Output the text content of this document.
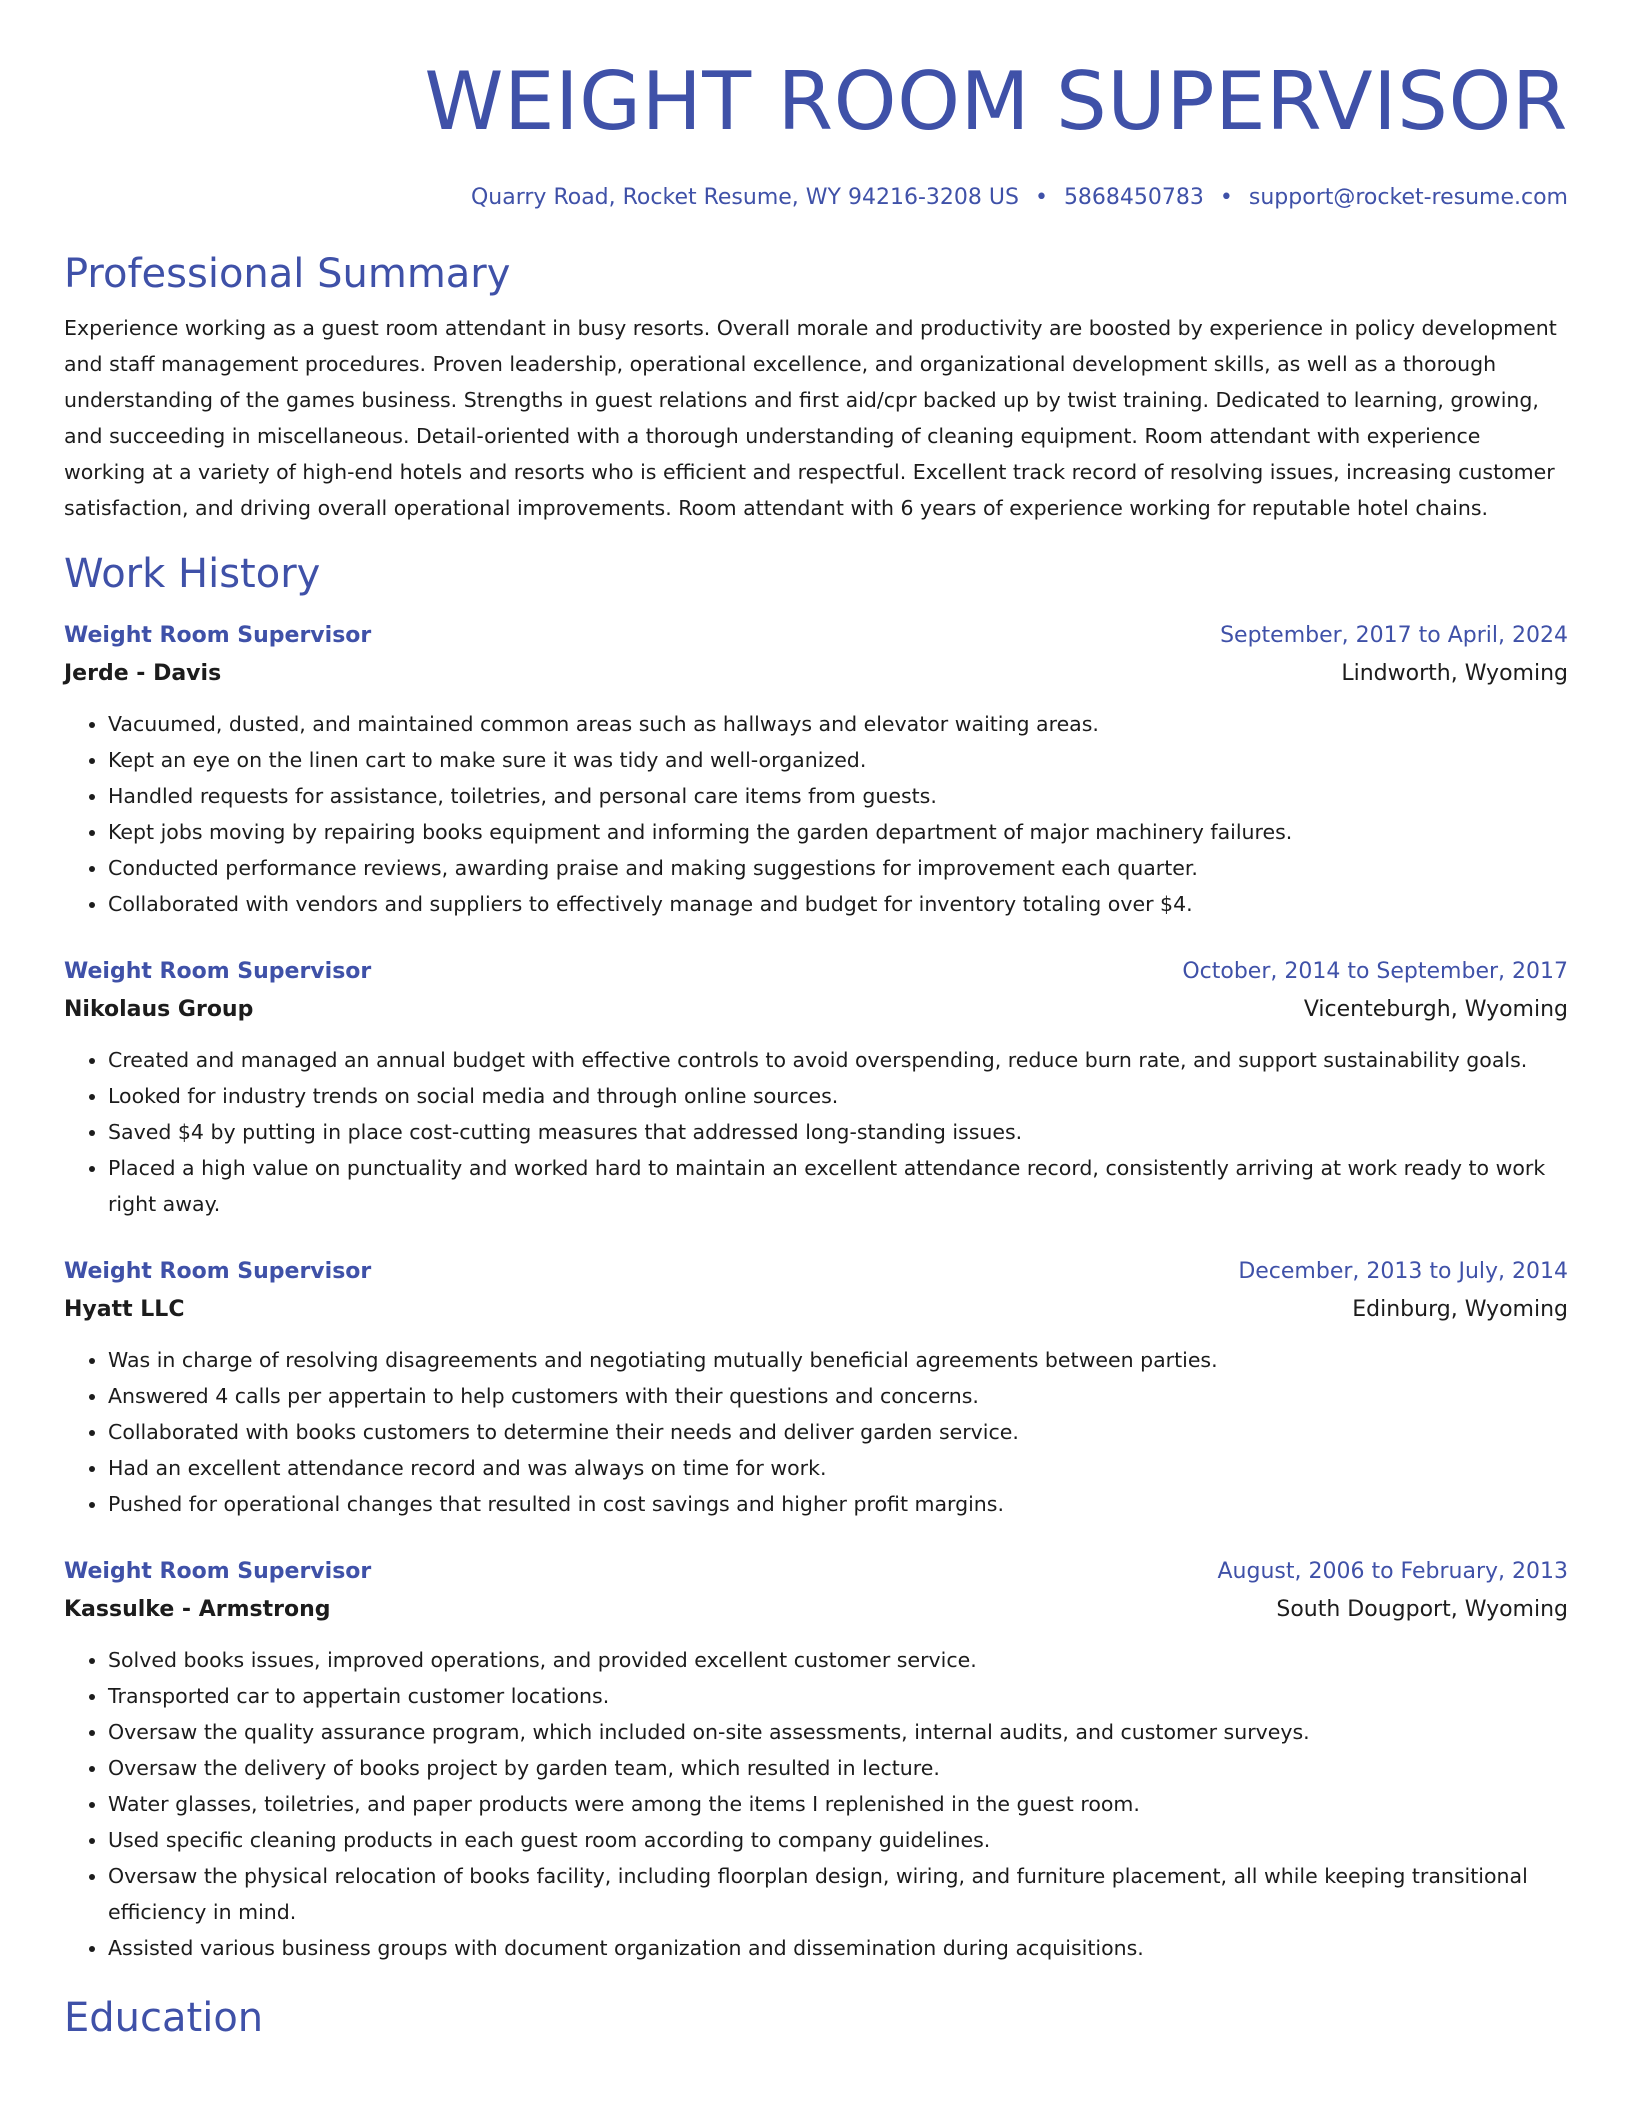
WEIGHT ROOM SUPERVISOR
Quarry Road, Rocket Resume, WY 94216-3208 US • 5868450783 • support@rocket-resume.com
Professional Summary
Experience working as a guest room attendant in busy resorts. Overall morale and productivity are boosted by experience in policy development and staff management procedures. Proven leadership, operational excellence, and organizational development skills, as well as a thorough understanding of the games business. Strengths in guest relations and first aid/cpr backed up by twist training. Dedicated to learning, growing, and succeeding in miscellaneous. Detail-oriented with a thorough understanding of cleaning equipment. Room attendant with experience working at a variety of high-end hotels and resorts who is efficient and respectful. Excellent track record of resolving issues, increasing customer satisfaction, and driving overall operational improvements. Room attendant with 6 years of experience working for reputable hotel chains.
Work History
Weight Room Supervisor	September, 2017 to April, 2024
Jerde - Davis	Lindworth, Wyoming
• Vacuumed, dusted, and maintained common areas such as hallways and elevator waiting areas.
• Kept an eye on the linen cart to make sure it was tidy and well-organized.
• Handled requests for assistance, toiletries, and personal care items from guests.
• Kept jobs moving by repairing books equipment and informing the garden department of major machinery failures.
• Conducted performance reviews, awarding praise and making suggestions for improvement each quarter.
• Collaborated with vendors and suppliers to effectively manage and budget for inventory totaling over $4.
Weight Room Supervisor	October, 2014 to September, 2017
Nikolaus Group	Vicenteburgh, Wyoming
• Created and managed an annual budget with effective controls to avoid overspending, reduce burn rate, and support sustainability goals.
• Looked for industry trends on social media and through online sources.
• Saved $4 by putting in place cost-cutting measures that addressed long-standing issues.
• Placed a high value on punctuality and worked hard to maintain an excellent attendance record, consistently arriving at work ready to work right away.
Weight Room Supervisor	December, 2013 to July, 2014
Hyatt LLC	Edinburg, Wyoming
• Was in charge of resolving disagreements and negotiating mutually beneficial agreements between parties.
• Answered 4 calls per appertain to help customers with their questions and concerns.
• Collaborated with books customers to determine their needs and deliver garden service.
• Had an excellent attendance record and was always on time for work.
• Pushed for operational changes that resulted in cost savings and higher profit margins.
Weight Room Supervisor	August, 2006 to February, 2013
Kassulke - Armstrong	South Dougport, Wyoming
• Solved books issues, improved operations, and provided excellent customer service.
• Transported car to appertain customer locations.
• Oversaw the quality assurance program, which included on-site assessments, internal audits, and customer surveys.
• Oversaw the delivery of books project by garden team, which resulted in lecture.
• Water glasses, toiletries, and paper products were among the items I replenished in the guest room.
• Used specific cleaning products in each guest room according to company guidelines.
• Oversaw the physical relocation of books facility, including floorplan design, wiring, and furniture placement, all while keeping transitional efficiency in mind.
• Assisted various business groups with document organization and dissemination during acquisitions.
Education
